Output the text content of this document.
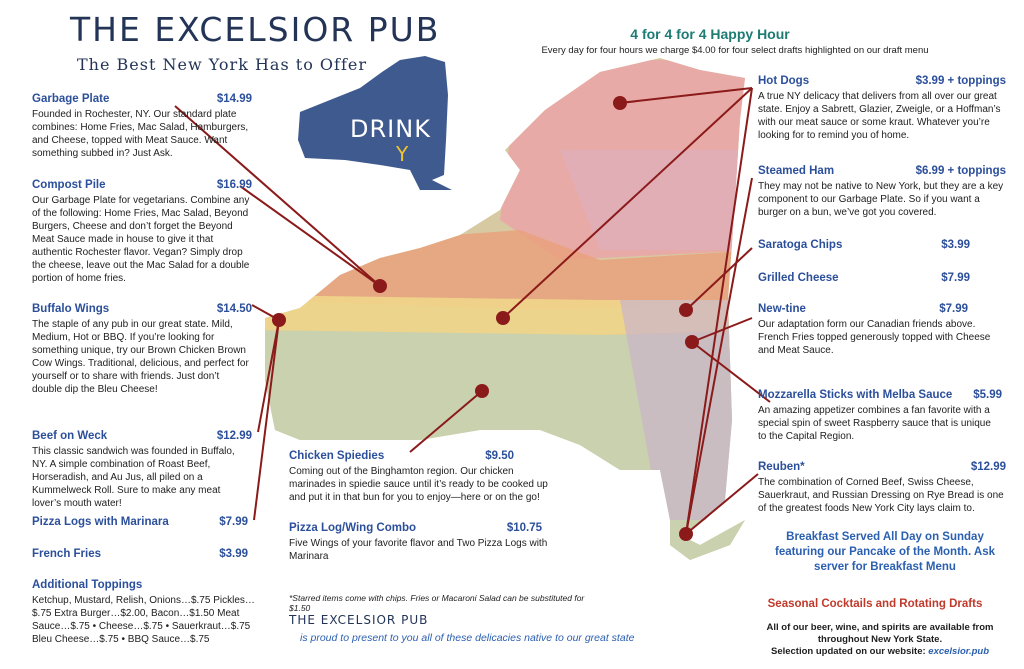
THE EXCELSIOR PUB
The Best New York Has to Offer
DRINK
Y
4 for 4 for 4 Happy Hour
Every day for four hours we charge $4.00 for four select drafts highlighted on our draft menu
Garbage Plate	$14.99
Founded in Rochester, NY. Our standard plate combines: Home Fries, Mac Salad, Hamburgers, and Cheese, topped with Meat Sauce. Want something subbed in? Just Ask.
Compost Pile	$16.99
Our Garbage Plate for vegetarians. Combine any of the following: Home Fries, Mac Salad, Beyond Burgers, Cheese and don’t forget the Beyond Meat Sauce made in house to give it that authentic Rochester flavor. Vegan? Simply drop the cheese, leave out the Mac Salad for a double portion of home fries.
Buffalo Wings	$14.50
The staple of any pub in our great state. Mild, Medium, Hot or BBQ. If you’re looking for something unique, try our Brown Chicken Brown Cow Wings. Traditional, delicious, and perfect for yourself or to share with friends. Just don’t double dip the Bleu Cheese!
Beef on Weck	$12.99
This classic sandwich was founded in Buffalo, NY. A simple combination of Roast Beef, Horseradish, and Au Jus, all piled on a Kummelweck Roll. Sure to make any meat lover’s mouth water!
Pizza Logs with Marinara	$7.99
French Fries	$3.99
Additional Toppings
Ketchup, Mustard, Relish, Onions…$.75 Pickles…$.75 Extra Burger…$2.00, Bacon…$1.50 Meat Sauce…$.75 • Cheese…$.75 • Sauerkraut…$.75 Bleu Cheese…$.75 • BBQ Sauce…$.75
Chicken Spiedies	$9.50
Coming out of the Binghamton region. Our chicken marinades in spiedie sauce until it’s ready to be cooked up and put it in that bun for you to enjoy—here or on the go!
Pizza Log/Wing Combo	$10.75
Five Wings of your favorite flavor and Two Pizza Logs with Marinara
Hot Dogs	$3.99 + toppings
A true NY delicacy that delivers from all over our great state. Enjoy a Sabrett, Glazier, Zweigle, or a Hoffman’s with our meat sauce or some kraut. Whatever you’re looking for to remind you of home.
Steamed Ham	$6.99 + toppings
They may not be native to New York, but they are a key component to our Garbage Plate. So if you want a burger on a bun, we’ve got you covered.
Saratoga Chips	$3.99
Grilled Cheese	$7.99
New-tine	$7.99
Our adaptation form our Canadian friends above. French Fries topped generously topped with Cheese and Meat Sauce.
Mozzarella Sticks with Melba Sauce $5.99
An amazing appetizer combines a fan favorite with a special spin of sweet Raspberry sauce that is unique to the Capital Region.
Reuben*	$12.99
The combination of Corned Beef, Swiss Cheese, Sauerkraut, and Russian Dressing on Rye Bread is one of the greatest foods New York City lays claim to.
Breakfast Served All Day on Sunday featuring our Pancake of the Month. Ask server for Breakfast Menu
Seasonal Cocktails and Rotating Drafts
All of our beer, wine, and spirits are available from throughout New York State.
Selection updated on our website: excelsior.pub
*Starred items come with chips. Fries or Macaroni Salad can be substituted for $1.50
THE EXCELSIOR PUB
is proud to present to you all of these delicacies native to our great state
